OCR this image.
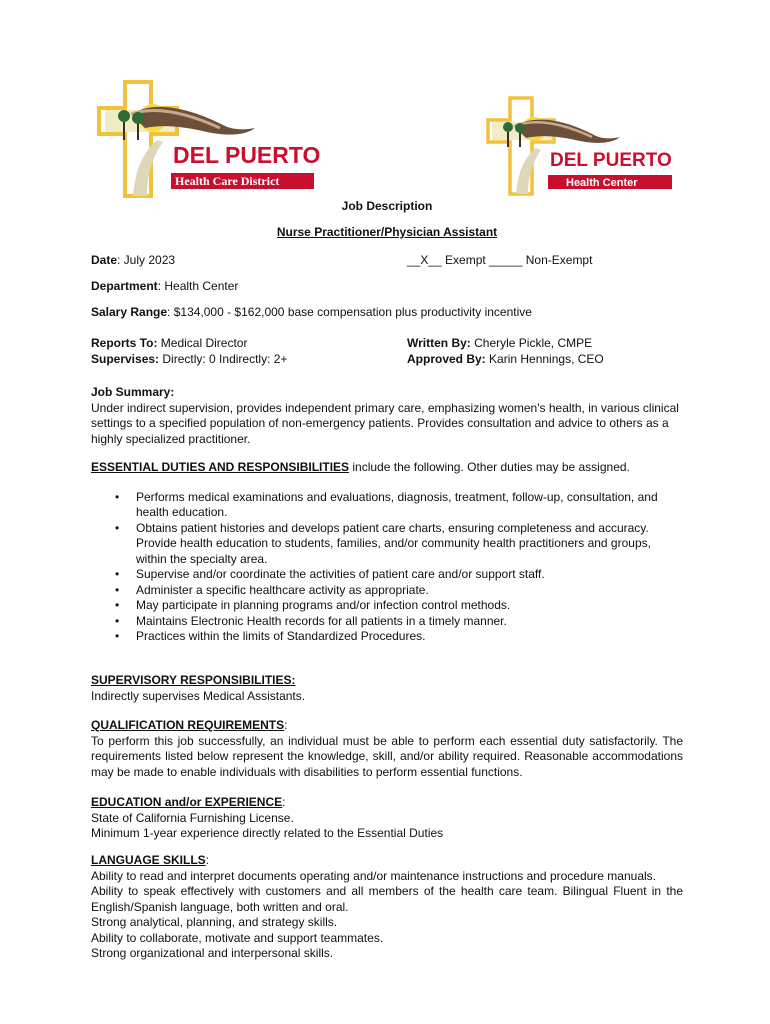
DEL PUERTO
Health Care District
DEL PUERTO
Health Center
Job Description
Nurse Practitioner/Physician Assistant
Date: July 2023	__X__ Exempt _____ Non-Exempt
Department: Health Center
Salary Range: $134,000 - $162,000 base compensation plus productivity incentive
Reports To: Medical Director	Written By: Cheryle Pickle, CMPE
Supervises: Directly: 0 Indirectly: 2+	Approved By: Karin Hennings, CEO
Job Summary:

Under indirect supervision, provides independent primary care, emphasizing women's health, in various clinical settings to a specified population of non-emergency patients. Provides consultation and advice to others as a highly specialized practitioner.

ESSENTIAL DUTIES AND RESPONSIBILITIES include the following. Other duties may be assigned.

• Performs medical examinations and evaluations, diagnosis, treatment, follow-up, consultation, and health education.
• Obtains patient histories and develops patient care charts, ensuring completeness and accuracy. Provide health education to students, families, and/or community health practitioners and groups, within the specialty area.
• Supervise and/or coordinate the activities of patient care and/or support staff.
• Administer a specific healthcare activity as appropriate.
• May participate in planning programs and/or infection control methods.
• Maintains Electronic Health records for all patients in a timely manner.
• Practices within the limits of Standardized Procedures.
SUPERVISORY RESPONSIBILITIES:

Indirectly supervises Medical Assistants.

QUALIFICATION REQUIREMENTS:

To perform this job successfully, an individual must be able to perform each essential duty satisfactorily. The requirements listed below represent the knowledge, skill, and/or ability required. Reasonable accommodations may be made to enable individuals with disabilities to perform essential functions.

EDUCATION and/or EXPERIENCE:

State of California Furnishing License.

Minimum 1-year experience directly related to the Essential Duties

LANGUAGE SKILLS:

Ability to read and interpret documents operating and/or maintenance instructions and procedure manuals.

Ability to speak effectively with customers and all members of the health care team. Bilingual Fluent in the English/Spanish language, both written and oral.

Strong analytical, planning, and strategy skills.

Ability to collaborate, motivate and support teammates.

Strong organizational and interpersonal skills.
